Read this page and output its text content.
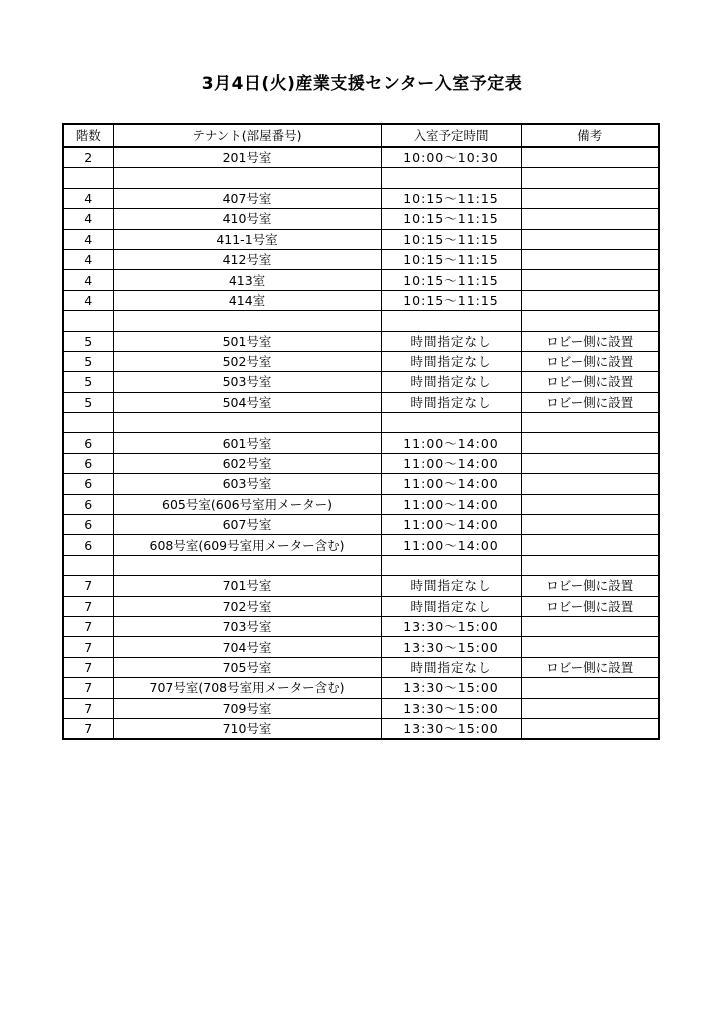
3月4日(火)産業支援センター入室予定表
階数	テナント(部屋番号)	入室予定時間	備考
2	201号室	10:00〜10:30	

4	407号室	10:15〜11:15	
4	410号室	10:15〜11:15	
4	411-1号室	10:15〜11:15	
4	412号室	10:15〜11:15	
4	413室	10:15〜11:15	
4	414室	10:15〜11:15	

5	501号室	時間指定なし	ロビー側に設置
5	502号室	時間指定なし	ロビー側に設置
5	503号室	時間指定なし	ロビー側に設置
5	504号室	時間指定なし	ロビー側に設置

6	601号室	11:00〜14:00	
6	602号室	11:00〜14:00	
6	603号室	11:00〜14:00	
6	605号室(606号室用メーター)	11:00〜14:00	
6	607号室	11:00〜14:00	
6	608号室(609号室用メーター含む)	11:00〜14:00	

7	701号室	時間指定なし	ロビー側に設置
7	702号室	時間指定なし	ロビー側に設置
7	703号室	13:30〜15:00	
7	704号室	13:30〜15:00	
7	705号室	時間指定なし	ロビー側に設置
7	707号室(708号室用メーター含む)	13:30〜15:00	
7	709号室	13:30〜15:00	
7	710号室	13:30〜15:00	
